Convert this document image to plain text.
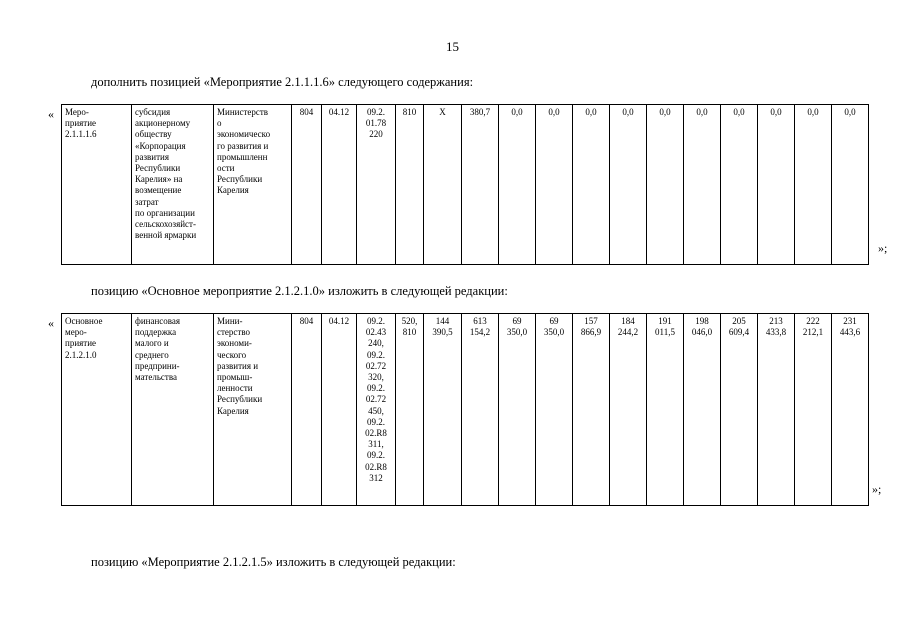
15
дополнить позицией «Мероприятие 2.1.1.1.6» следующего содержания:
« Меро-
приятие
2.1.1.1.6	субсидия
акционерному
обществу
«Корпорация
развития
Республики
Карелия» на
возмещение
затрат
по организации
сельскохозяйст-
венной ярмарки	Министерств
о
экономическо
го развития и
промышленн
ости
Республики
Карелия	804	04.12	09.2.
01.78
220	810	X	380,7	0,0	0,0	0,0	0,0	0,0	0,0	0,0	0,0	0,0	0,0
»;
позицию «Основное мероприятие 2.1.2.1.0» изложить в следующей редакции:
« Основное
меро-
приятие
2.1.2.1.0	финансовая
поддержка
малого и
среднего
предприни-
мательства	Мини-
стерство
экономи-
ческого
развития и
промыш-
ленности
Республики
Карелия	804	04.12	09.2.
02.43
240,
09.2.
02.72
320,
09.2.
02.72
450,
09.2.
02.R8
311,
09.2.
02.R8
312	520,
810	144
390,5	613
154,2	69
350,0	69
350,0	157
866,9	184
244,2	191
011,5	198
046,0	205
609,4	213
433,8	222
212,1	231
443,6
»;
позицию «Мероприятие 2.1.2.1.5» изложить в следующей редакции:
